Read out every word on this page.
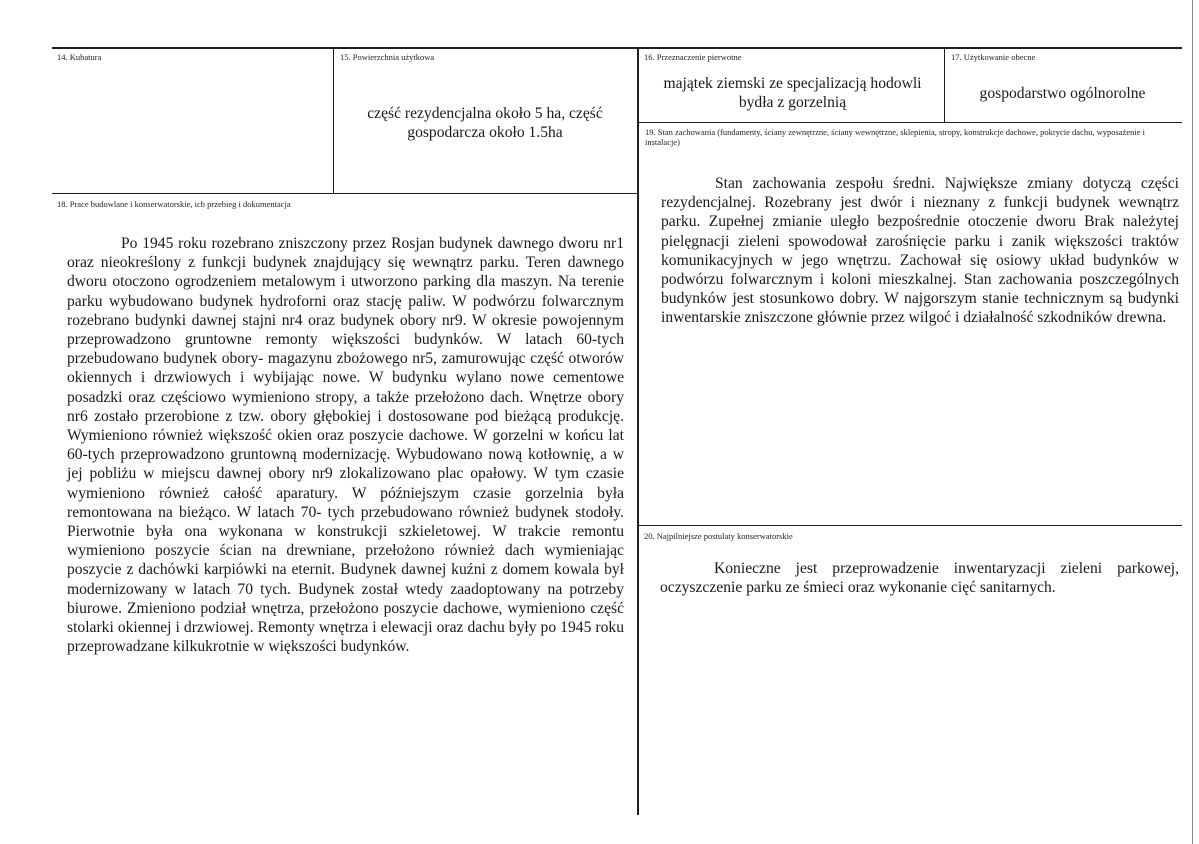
14. Kubatura	15. Powierzchnia użytkowa
część rezydencjalna około 5 ha, część gospodarcza około 1.5ha
16. Przeznaczenie pierwotne
majątek ziemski ze specjalizacją hodowli bydła z gorzelnią
17. Użytkowanie obecne
gospodarstwo ogólnorolne
19. Stan zachowania (fundamenty, ściany zewnętrzne, ściany wewnętrzne, sklepienia, stropy, konstrukcje dachowe, pokrycie dachu, wyposażenie i instalacje)
Stan zachowania zespołu średni. Największe zmiany dotyczą części rezydencjalnej. Rozebrany jest dwór i nieznany z funkcji budynek wewnątrz parku. Zupełnej zmianie uległo bezpośrednie otoczenie dworu Brak należytej pielęgnacji zieleni spowodował zarośnięcie parku i zanik większości traktów komunikacyjnych w jego wnętrzu. Zachował się osiowy układ budynków w podwórzu folwarcznym i koloni mieszkalnej. Stan zachowania poszczególnych budynków jest stosunkowo dobry. W najgorszym stanie technicznym są budynki inwentarskie zniszczone głównie przez wilgoć i działalność szkodników drewna.
18. Prace budowlane i konserwatorskie, ich przebieg i dokumentacja
Po 1945 roku rozebrano zniszczony przez Rosjan budynek dawnego dworu nr1 oraz nieokreślony z funkcji budynek znajdujący się wewnątrz parku. Teren dawnego dworu otoczono ogrodzeniem metalowym i utworzono parking dla maszyn. Na terenie parku wybudowano budynek hydroforni oraz stację paliw. W podwórzu folwarcznym rozebrano budynki dawnej stajni nr4 oraz budynek obory nr9. W okresie powojennym przeprowadzono gruntowne remonty większości budynków. W latach 60-tych przebudowano budynek obory- magazynu zbożowego nr5, zamurowując część otworów okiennych i drzwiowych i wybijając nowe. W budynku wylano nowe cementowe posadzki oraz częściowo wymieniono stropy, a także przełożono dach. Wnętrze obory nr6 zostało przerobione z tzw. obory głębokiej i dostosowane pod bieżącą produkcję. Wymieniono również większość okien oraz poszycie dachowe. W gorzelni w końcu lat 60-tych przeprowadzono gruntowną modernizację. Wybudowano nową kotłownię, a w jej pobliżu w miejscu dawnej obory nr9 zlokalizowano plac opałowy. W tym czasie wymieniono również całość aparatury. W późniejszym czasie gorzelnia była remontowana na bieżąco. W latach 70- tych przebudowano również budynek stodoły. Pierwotnie była ona wykonana w konstrukcji szkieletowej. W trakcie remontu wymieniono poszycie ścian na drewniane, przełożono również dach wymieniając poszycie z dachówki karpiówki na eternit. Budynek dawnej kuźni z domem kowala był modernizowany w latach 70 tych. Budynek został wtedy zaadoptowany na potrzeby biurowe. Zmieniono podział wnętrza, przełożono poszycie dachowe, wymieniono część stolarki okiennej i drzwiowej. Remonty wnętrza i elewacji oraz dachu były po 1945 roku przeprowadzane kilkukrotnie w większości budynków.
20. Najpilniejsze postulaty konserwatorskie
Konieczne jest przeprowadzenie inwentaryzacji zieleni parkowej, oczyszczenie parku ze śmieci oraz wykonanie cięć sanitarnych.
